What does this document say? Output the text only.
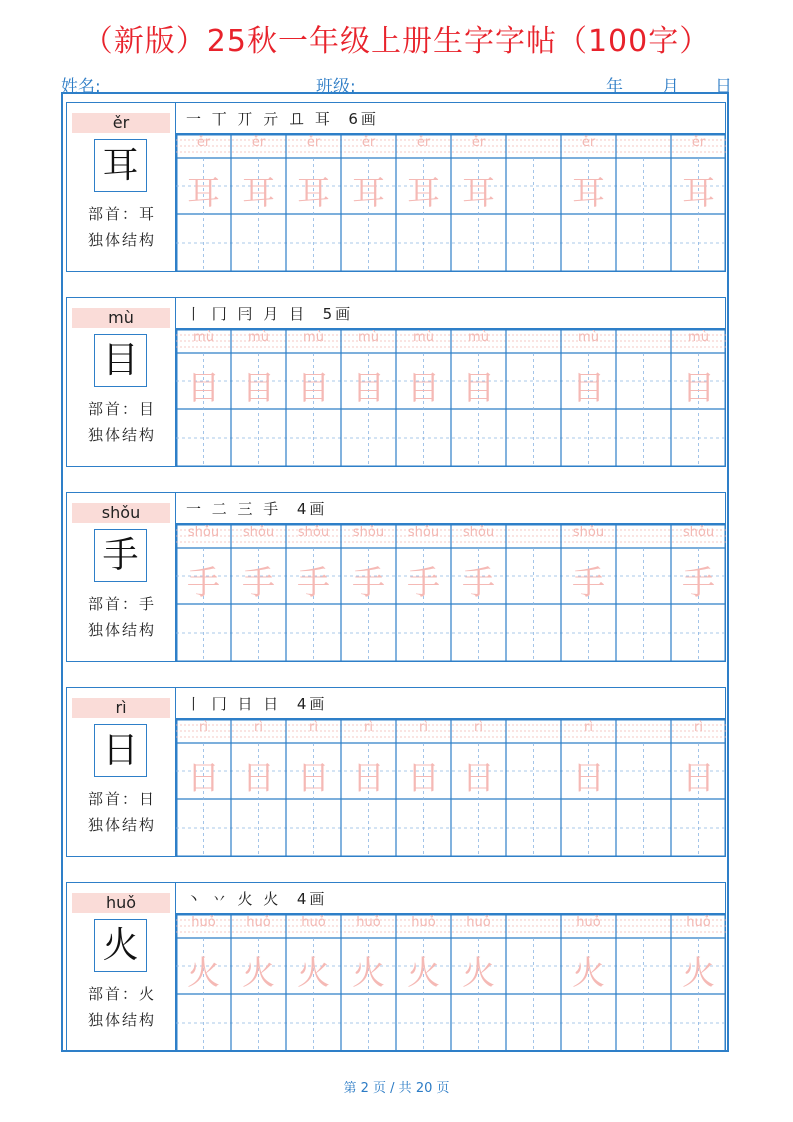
（新版）25秋一年级上册生字字帖（100字）
姓名:	班级:	年 月 日
ěr
耳
部首：耳
独体结构
一 丅 丌 亓 𠀃 耳 6画
ěr
耳
ěr
耳
ěr
耳
ěr
耳
ěr
耳
ěr
耳
ěr
耳
ěr
耳
mù
目
部首：目
独体结构
丨 冂 冃 月 目 5画
mù
目
mù
目
mù
目
mù
目
mù
目
mù
目
mù
目
mù
目
shǒu
手
部首：手
独体结构
一 二 三 手 4画
shǒu
手
shǒu
手
shǒu
手
shǒu
手
shǒu
手
shǒu
手
shǒu
手
shǒu
手
rì
日
部首：日
独体结构
丨 冂 日 日 4画
rì
日
rì
日
rì
日
rì
日
rì
日
rì
日
rì
日
rì
日
huǒ
火
部首：火
独体结构
丶 丷 火 火 4画
huǒ
火
huǒ
火
huǒ
火
huǒ
火
huǒ
火
huǒ
火
huǒ
火
huǒ
火
第 2 页 / 共 20 页
